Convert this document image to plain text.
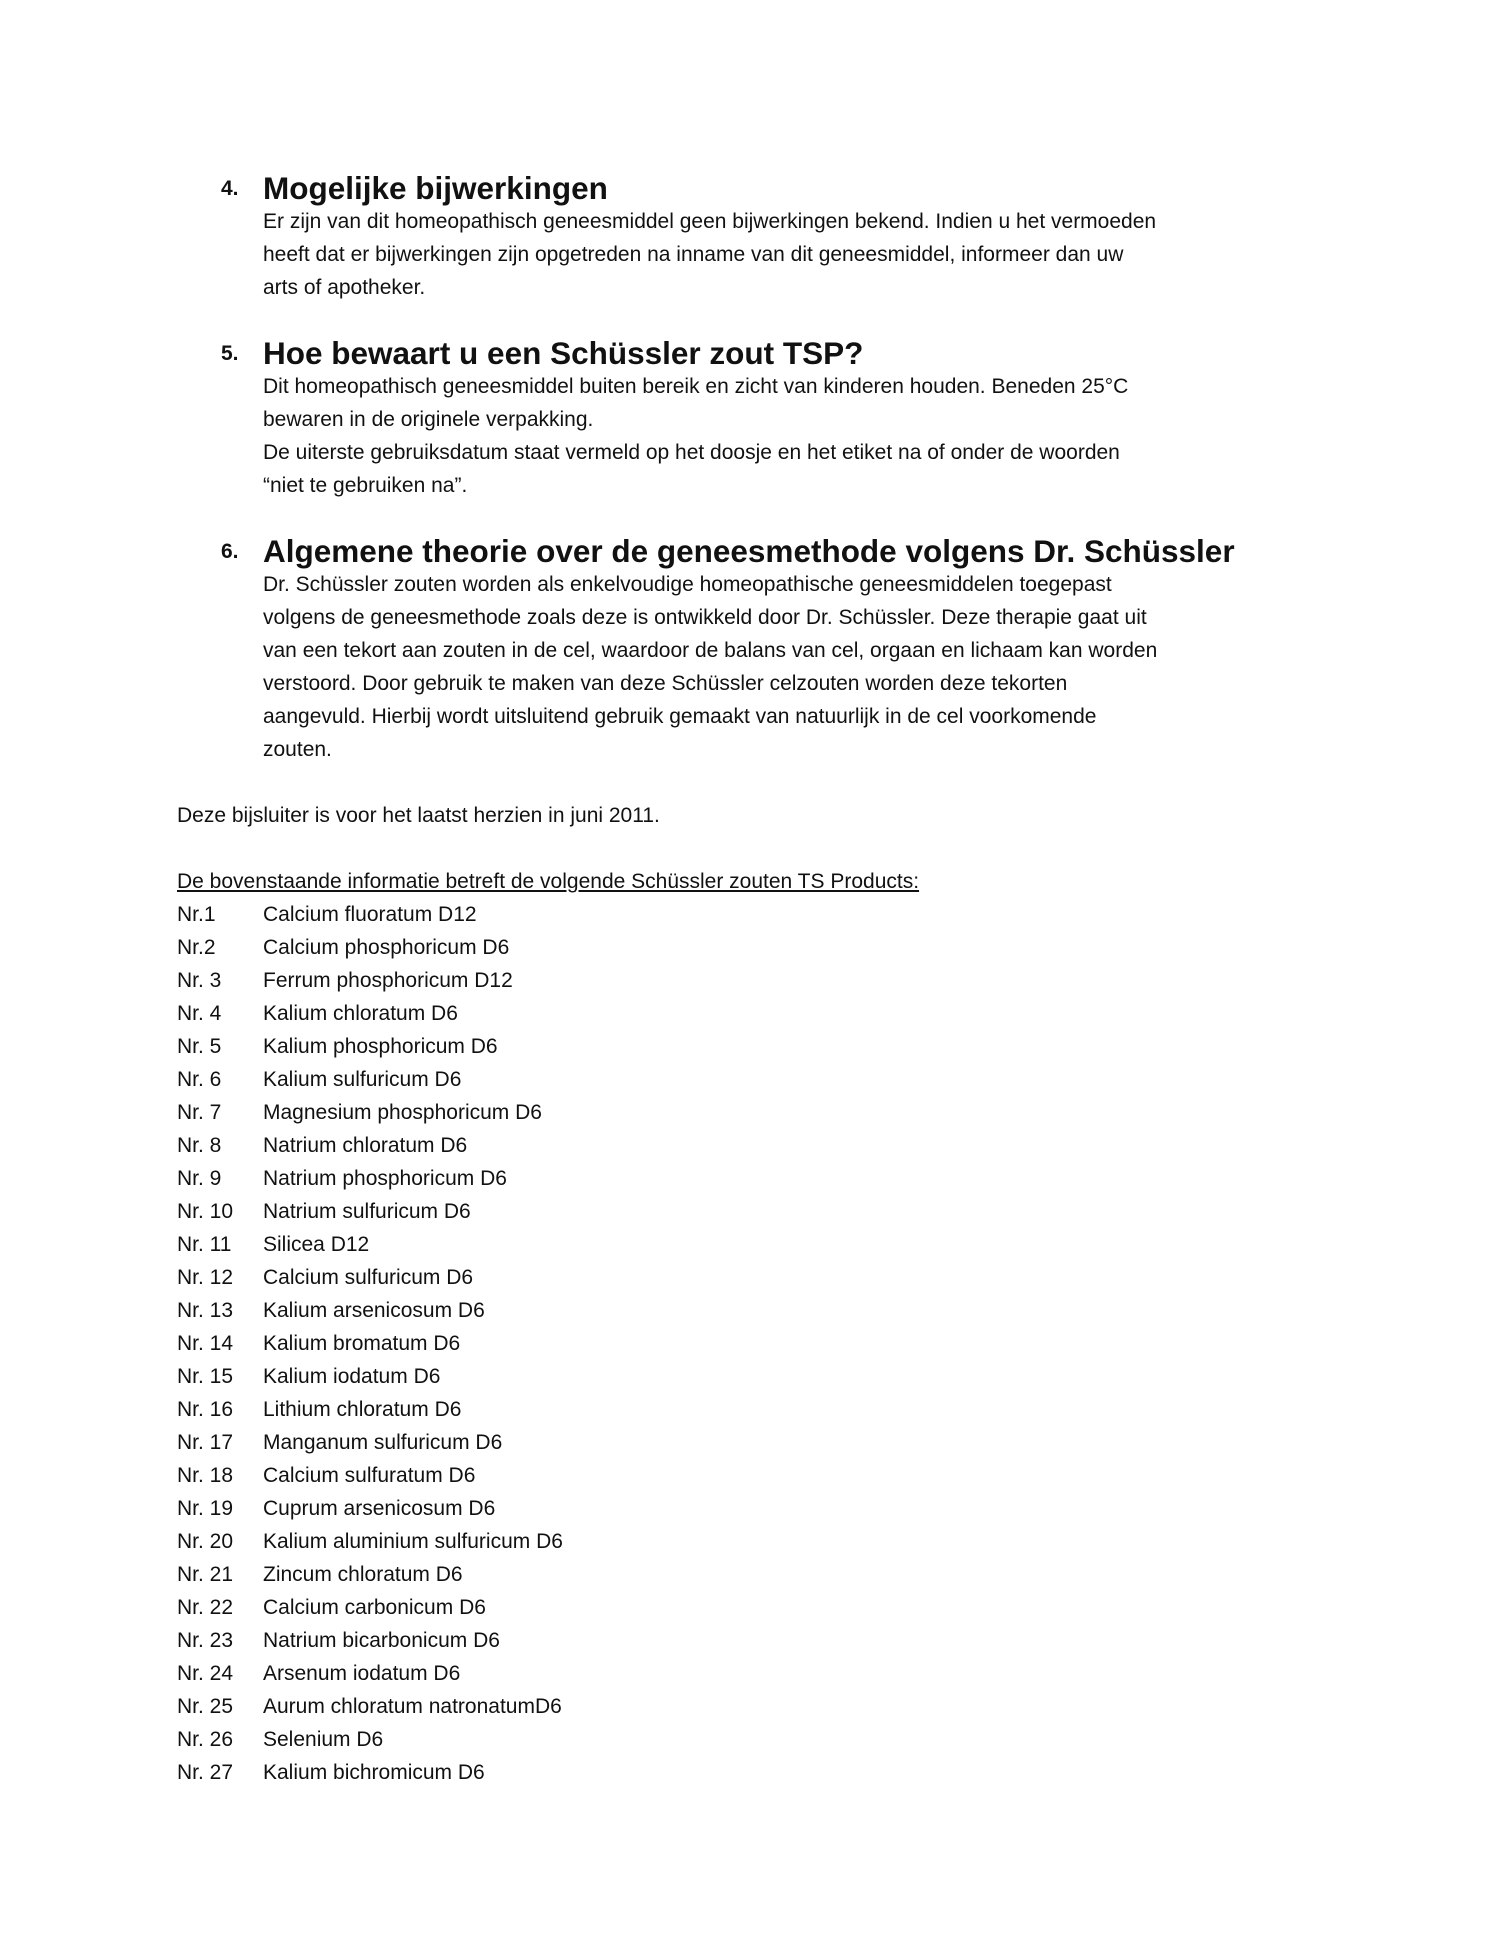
4. Mogelijke bijwerkingen
Er zijn van dit homeopathisch geneesmiddel geen bijwerkingen bekend. Indien u het vermoeden
heeft dat er bijwerkingen zijn opgetreden na inname van dit geneesmiddel, informeer dan uw
arts of apotheker.
5. Hoe bewaart u een Schüssler zout TSP?
Dit homeopathisch geneesmiddel buiten bereik en zicht van kinderen houden. Beneden 25°C
bewaren in de originele verpakking.
De uiterste gebruiksdatum staat vermeld op het doosje en het etiket na of onder de woorden
“niet te gebruiken na”.
6. Algemene theorie over de geneesmethode volgens Dr. Schüssler
Dr. Schüssler zouten worden als enkelvoudige homeopathische geneesmiddelen toegepast
volgens de geneesmethode zoals deze is ontwikkeld door Dr. Schüssler. Deze therapie gaat uit
van een tekort aan zouten in de cel, waardoor de balans van cel, orgaan en lichaam kan worden
verstoord. Door gebruik te maken van deze Schüssler celzouten worden deze tekorten
aangevuld. Hierbij wordt uitsluitend gebruik gemaakt van natuurlijk in de cel voorkomende
zouten.

Deze bijsluiter is voor het laatst herzien in juni 2011.

De bovenstaande informatie betreft de volgende Schüssler zouten TS Products:

Nr.1	Calcium fluoratum D12
Nr.2	Calcium phosphoricum D6
Nr. 3	Ferrum phosphoricum D12
Nr. 4	Kalium chloratum D6
Nr. 5	Kalium phosphoricum D6
Nr. 6	Kalium sulfuricum D6
Nr. 7	Magnesium phosphoricum D6
Nr. 8	Natrium chloratum D6
Nr. 9	Natrium phosphoricum D6
Nr. 10	Natrium sulfuricum D6
Nr. 11	Silicea D12
Nr. 12	Calcium sulfuricum D6
Nr. 13	Kalium arsenicosum D6
Nr. 14	Kalium bromatum D6
Nr. 15	Kalium iodatum D6
Nr. 16	Lithium chloratum D6
Nr. 17	Manganum sulfuricum D6
Nr. 18	Calcium sulfuratum D6
Nr. 19	Cuprum arsenicosum D6
Nr. 20	Kalium aluminium sulfuricum D6
Nr. 21	Zincum chloratum D6
Nr. 22	Calcium carbonicum D6
Nr. 23	Natrium bicarbonicum D6
Nr. 24	Arsenum iodatum D6
Nr. 25	Aurum chloratum natronatumD6
Nr. 26	Selenium D6
Nr. 27	Kalium bichromicum D6
